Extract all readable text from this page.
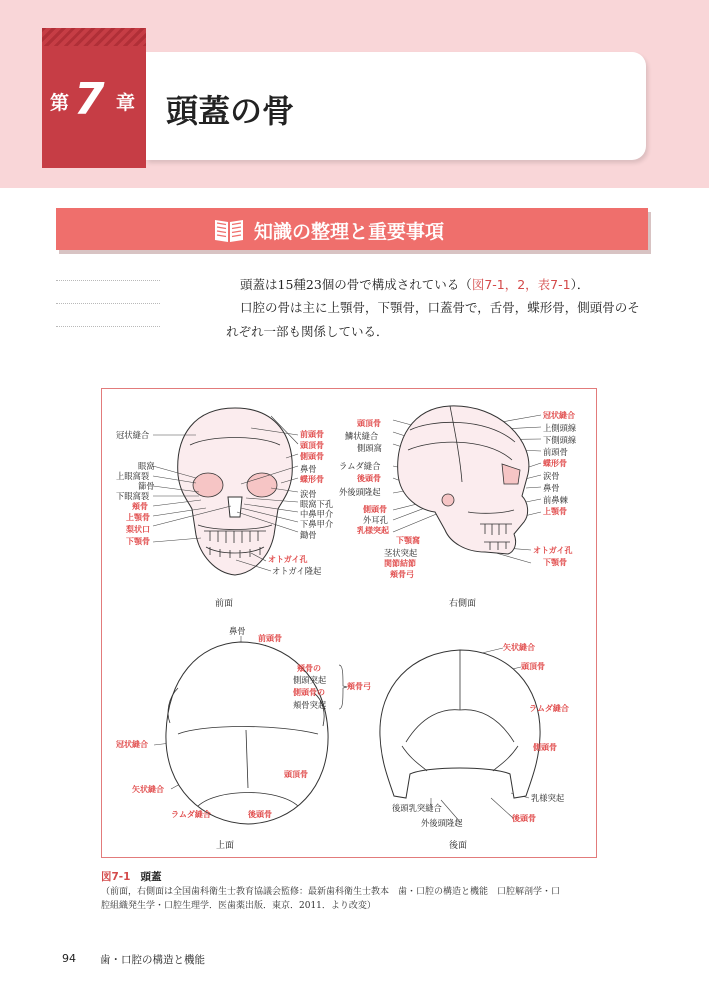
第 7 章 頭蓋の骨
知識の整理と重要事項

頭蓋は15種23個の骨で構成されている（図7-1，2，表7-1）．

口腔の骨は主に上顎骨，下顎骨，口蓋骨で，舌骨，蝶形骨，側頭骨のそ

れぞれ一部も関係している．

冠状縫合
眼窩
上眼窩裂
篩骨
下眼窩裂
頬骨
上顎骨
梨状口
下顎骨
前頭骨
頭頂骨
側頭骨
鼻骨
蝶形骨
涙骨
眼窩下孔
中鼻甲介
下鼻甲介
鋤骨
オトガイ孔
オトガイ隆起
前面
頭頂骨
鱗状縫合
側頭窩
ラムダ縫合
後頭骨
外後頭隆起
側頭骨
外耳孔
乳様突起
下顎窩
茎状突起
関節結節
頬骨弓
冠状縫合
上側頭線
下側頭線
前頭骨
蝶形骨
涙骨
鼻骨
前鼻棘
上顎骨
オトガイ孔
下顎骨
右側面
鼻骨
前頭骨
頬骨の
側頭突起
側頭骨の
頬骨突起
頬骨弓
冠状縫合
矢状縫合
頭頂骨
ラムダ縫合	後頭骨
上面
矢状縫合
頭頂骨
ラムダ縫合
側頭骨
乳様突起
後頭乳突縫合
外後頭隆起	後頭骨
後面
図7-1 頭蓋
（前面，右側面は全国歯科衛生士教育協議会監修：最新歯科衛生士教本　歯・口腔の構造と機能　口腔解剖学・口
腔組織発生学・口腔生理学．医歯薬出版．東京．2011．より改変）
94 歯・口腔の構造と機能
